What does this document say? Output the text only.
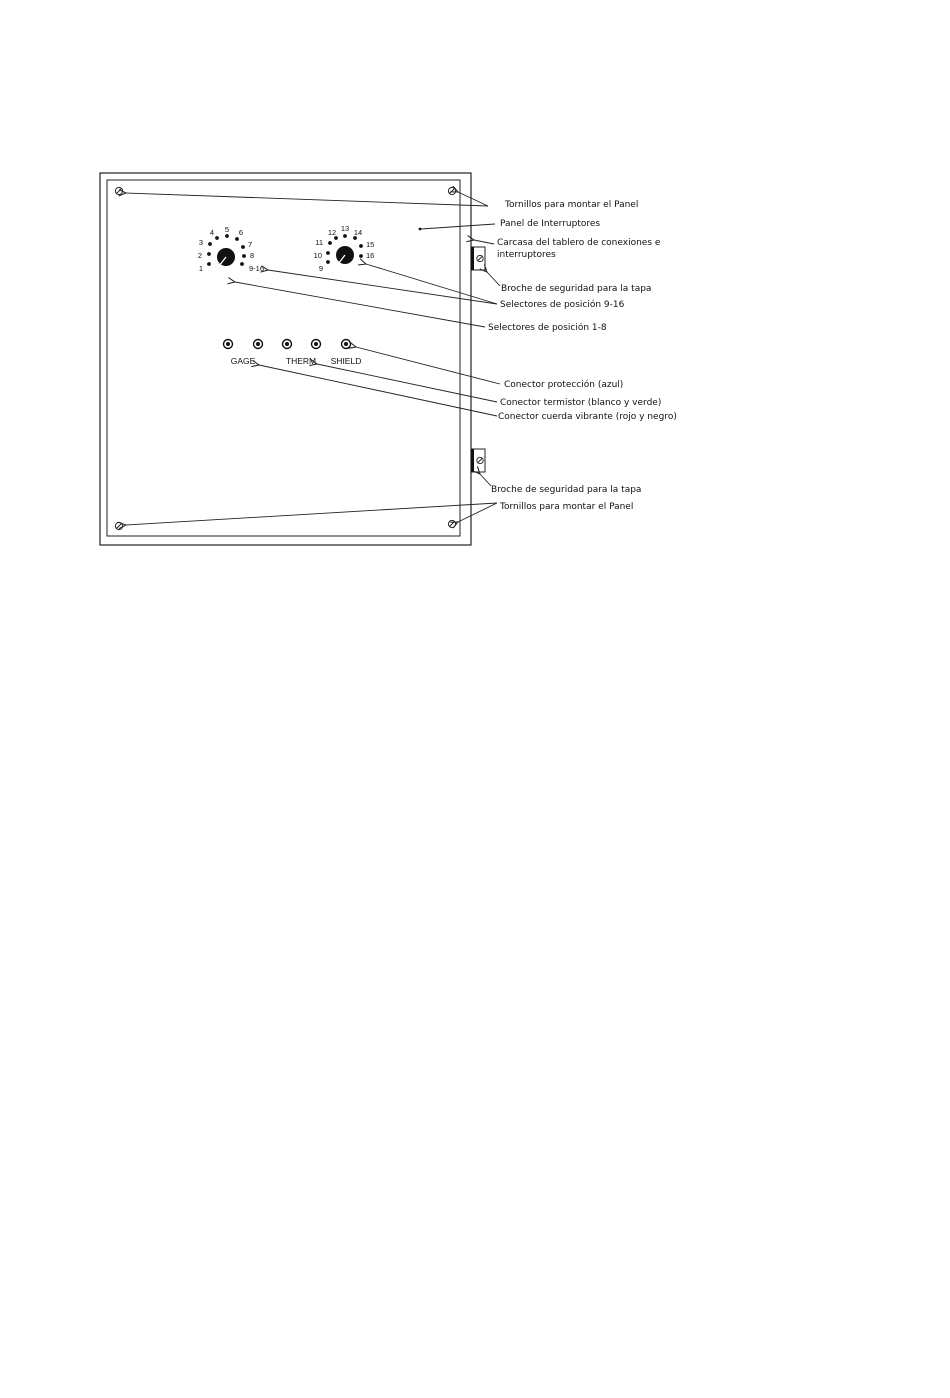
1
2
3
4 5 6
7
8
9-16	9
10
11
12 13 14
15
16
GAGE	THERM SHIELD
Tornillos para montar el Panel
Panel de Interruptores
Carcasa del tablero de conexiones e
interruptores
Broche de seguridad para la tapa
Selectores de posición 9-16
Selectores de posición 1-8
Conector protección (azul)
Conector termistor (blanco y verde)
Conector cuerda vibrante (rojo y negro)
Broche de seguridad para la tapa
Tornillos para montar el Panel
